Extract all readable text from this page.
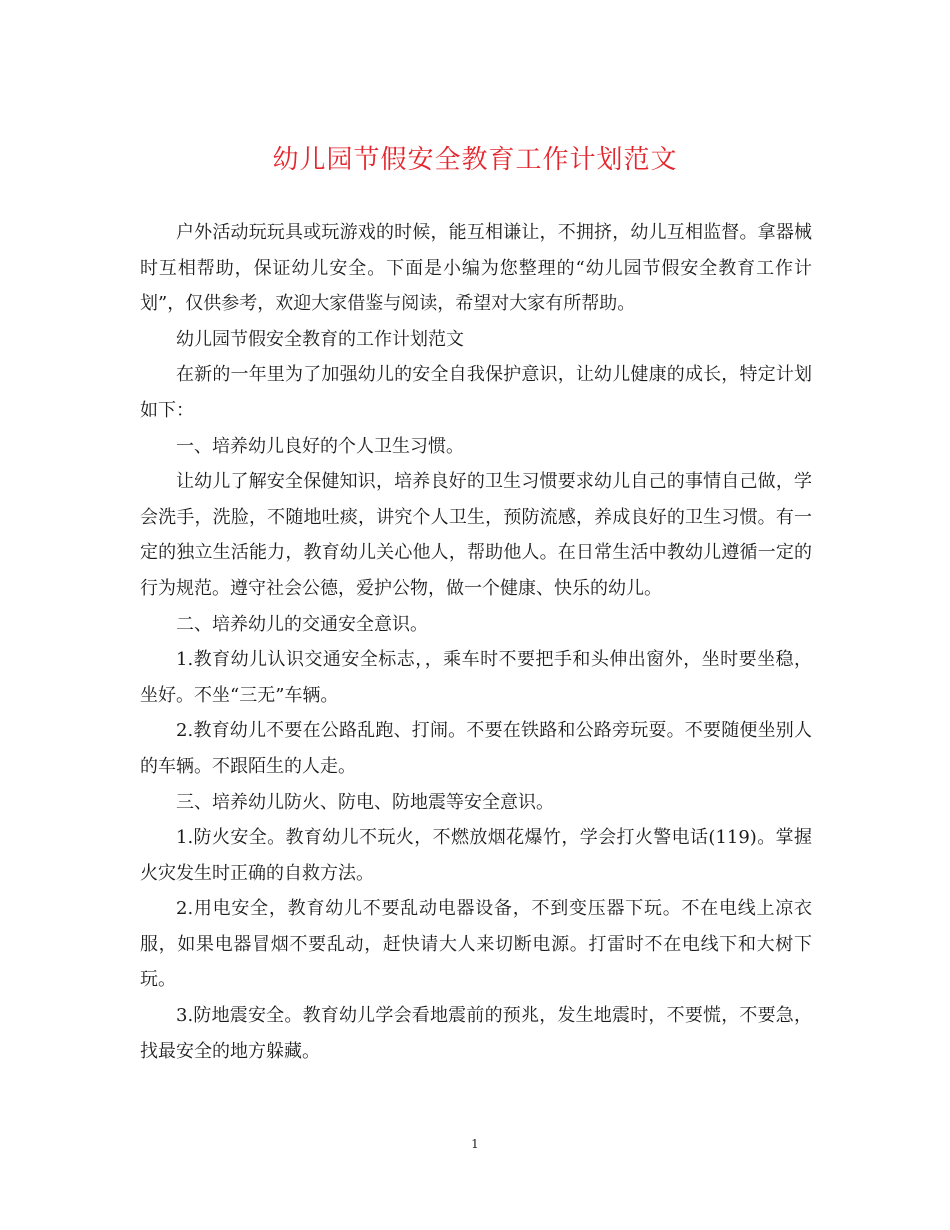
幼儿园节假安全教育工作计划范文

户外活动玩玩具或玩游戏的时候，能互相谦让，不拥挤，幼儿互相监督。拿器械时互相帮助，保证幼儿安全。下面是小编为您整理的“幼儿园节假安全教育工作计划”，仅供参考，欢迎大家借鉴与阅读，希望对大家有所帮助。

幼儿园节假安全教育的工作计划范文

在新的一年里为了加强幼儿的安全自我保护意识，让幼儿健康的成长，特定计划如下：

一、培养幼儿良好的个人卫生习惯。

让幼儿了解安全保健知识，培养良好的卫生习惯要求幼儿自己的事情自己做，学会洗手，洗脸，不随地吐痰，讲究个人卫生，预防流感，养成良好的卫生习惯。有一定的独立生活能力，教育幼儿关心他人，帮助他人。在日常生活中教幼儿遵循一定的行为规范。遵守社会公德，爱护公物，做一个健康、快乐的幼儿。

二、培养幼儿的交通安全意识。

1.教育幼儿认识交通安全标志，，乘车时不要把手和头伸出窗外，坐时要坐稳，坐好。不坐“三无”车辆。

2.教育幼儿不要在公路乱跑、打闹。不要在铁路和公路旁玩耍。不要随便坐别人的车辆。不跟陌生的人走。

三、培养幼儿防火、防电、防地震等安全意识。

1.防火安全。教育幼儿不玩火，不燃放烟花爆竹，学会打火警电话(119)。掌握火灾发生时正确的自救方法。

2.用电安全，教育幼儿不要乱动电器设备，不到变压器下玩。不在电线上凉衣服，如果电器冒烟不要乱动，赶快请大人来切断电源。打雷时不在电线下和大树下玩。

3.防地震安全。教育幼儿学会看地震前的预兆，发生地震时，不要慌，不要急，找最安全的地方躲藏。

1
